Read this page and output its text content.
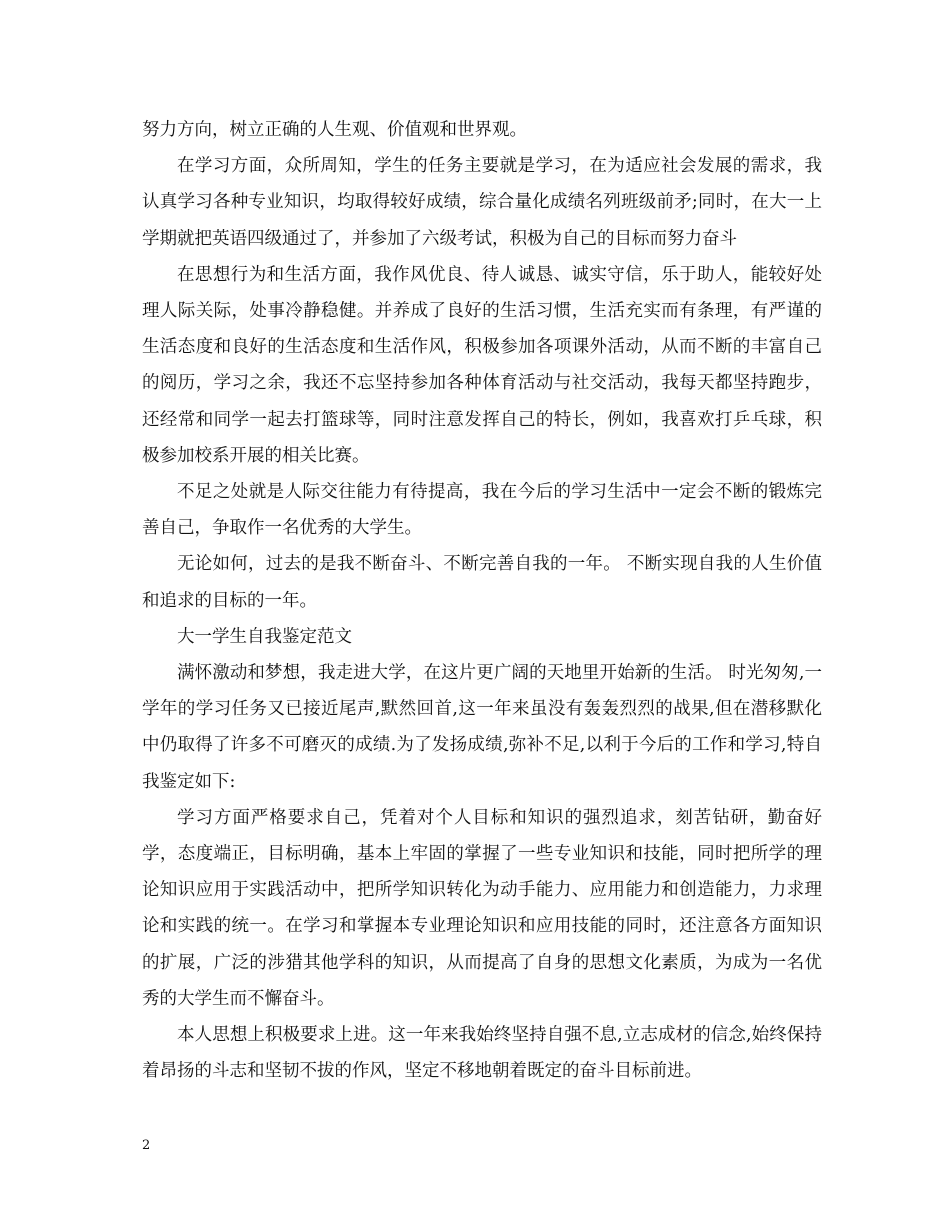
努力方向，树立正确的人生观、价值观和世界观。

在学习方面，众所周知，学生的任务主要就是学习，在为适应社会发展的需求，我认真学习各种专业知识，均取得较好成绩，综合量化成绩名列班级前矛;同时，在大一上学期就把英语四级通过了，并参加了六级考试，积极为自己的目标而努力奋斗

在思想行为和生活方面，我作风优良、待人诚恳、诚实守信，乐于助人，能较好处理人际关际，处事冷静稳健。并养成了良好的生活习惯，生活充实而有条理，有严谨的生活态度和良好的生活态度和生活作风，积极参加各项课外活动，从而不断的丰富自己的阅历，学习之余，我还不忘坚持参加各种体育活动与社交活动，我每天都坚持跑步，还经常和同学一起去打篮球等，同时注意发挥自己的特长，例如，我喜欢打乒乓球，积极参加校系开展的相关比赛。

不足之处就是人际交往能力有待提高，我在今后的学习生活中一定会不断的锻炼完善自己，争取作一名优秀的大学生。

无论如何，过去的是我不断奋斗、不断完善自我的一年。 不断实现自我的人生价值和追求的目标的一年。

大一学生自我鉴定范文

满怀激动和梦想，我走进大学，在这片更广阔的天地里开始新的生活。 时光匆匆,一学年的学习任务又已接近尾声,默然回首,这一年来虽没有轰轰烈烈的战果,但在潜移默化中仍取得了许多不可磨灭的成绩.为了发扬成绩,弥补不足,以利于今后的工作和学习,特自我鉴定如下:

学习方面严格要求自己，凭着对个人目标和知识的强烈追求，刻苦钻研，勤奋好学，态度端正，目标明确，基本上牢固的掌握了一些专业知识和技能，同时把所学的理论知识应用于实践活动中，把所学知识转化为动手能力、应用能力和创造能力，力求理论和实践的统一。在学习和掌握本专业理论知识和应用技能的同时，还注意各方面知识的扩展，广泛的涉猎其他学科的知识，从而提高了自身的思想文化素质，为成为一名优秀的大学生而不懈奋斗。

本人思想上积极要求上进。这一年来我始终坚持自强不息,立志成材的信念,始终保持着昂扬的斗志和坚韧不拔的作风，坚定不移地朝着既定的奋斗目标前进。

2
